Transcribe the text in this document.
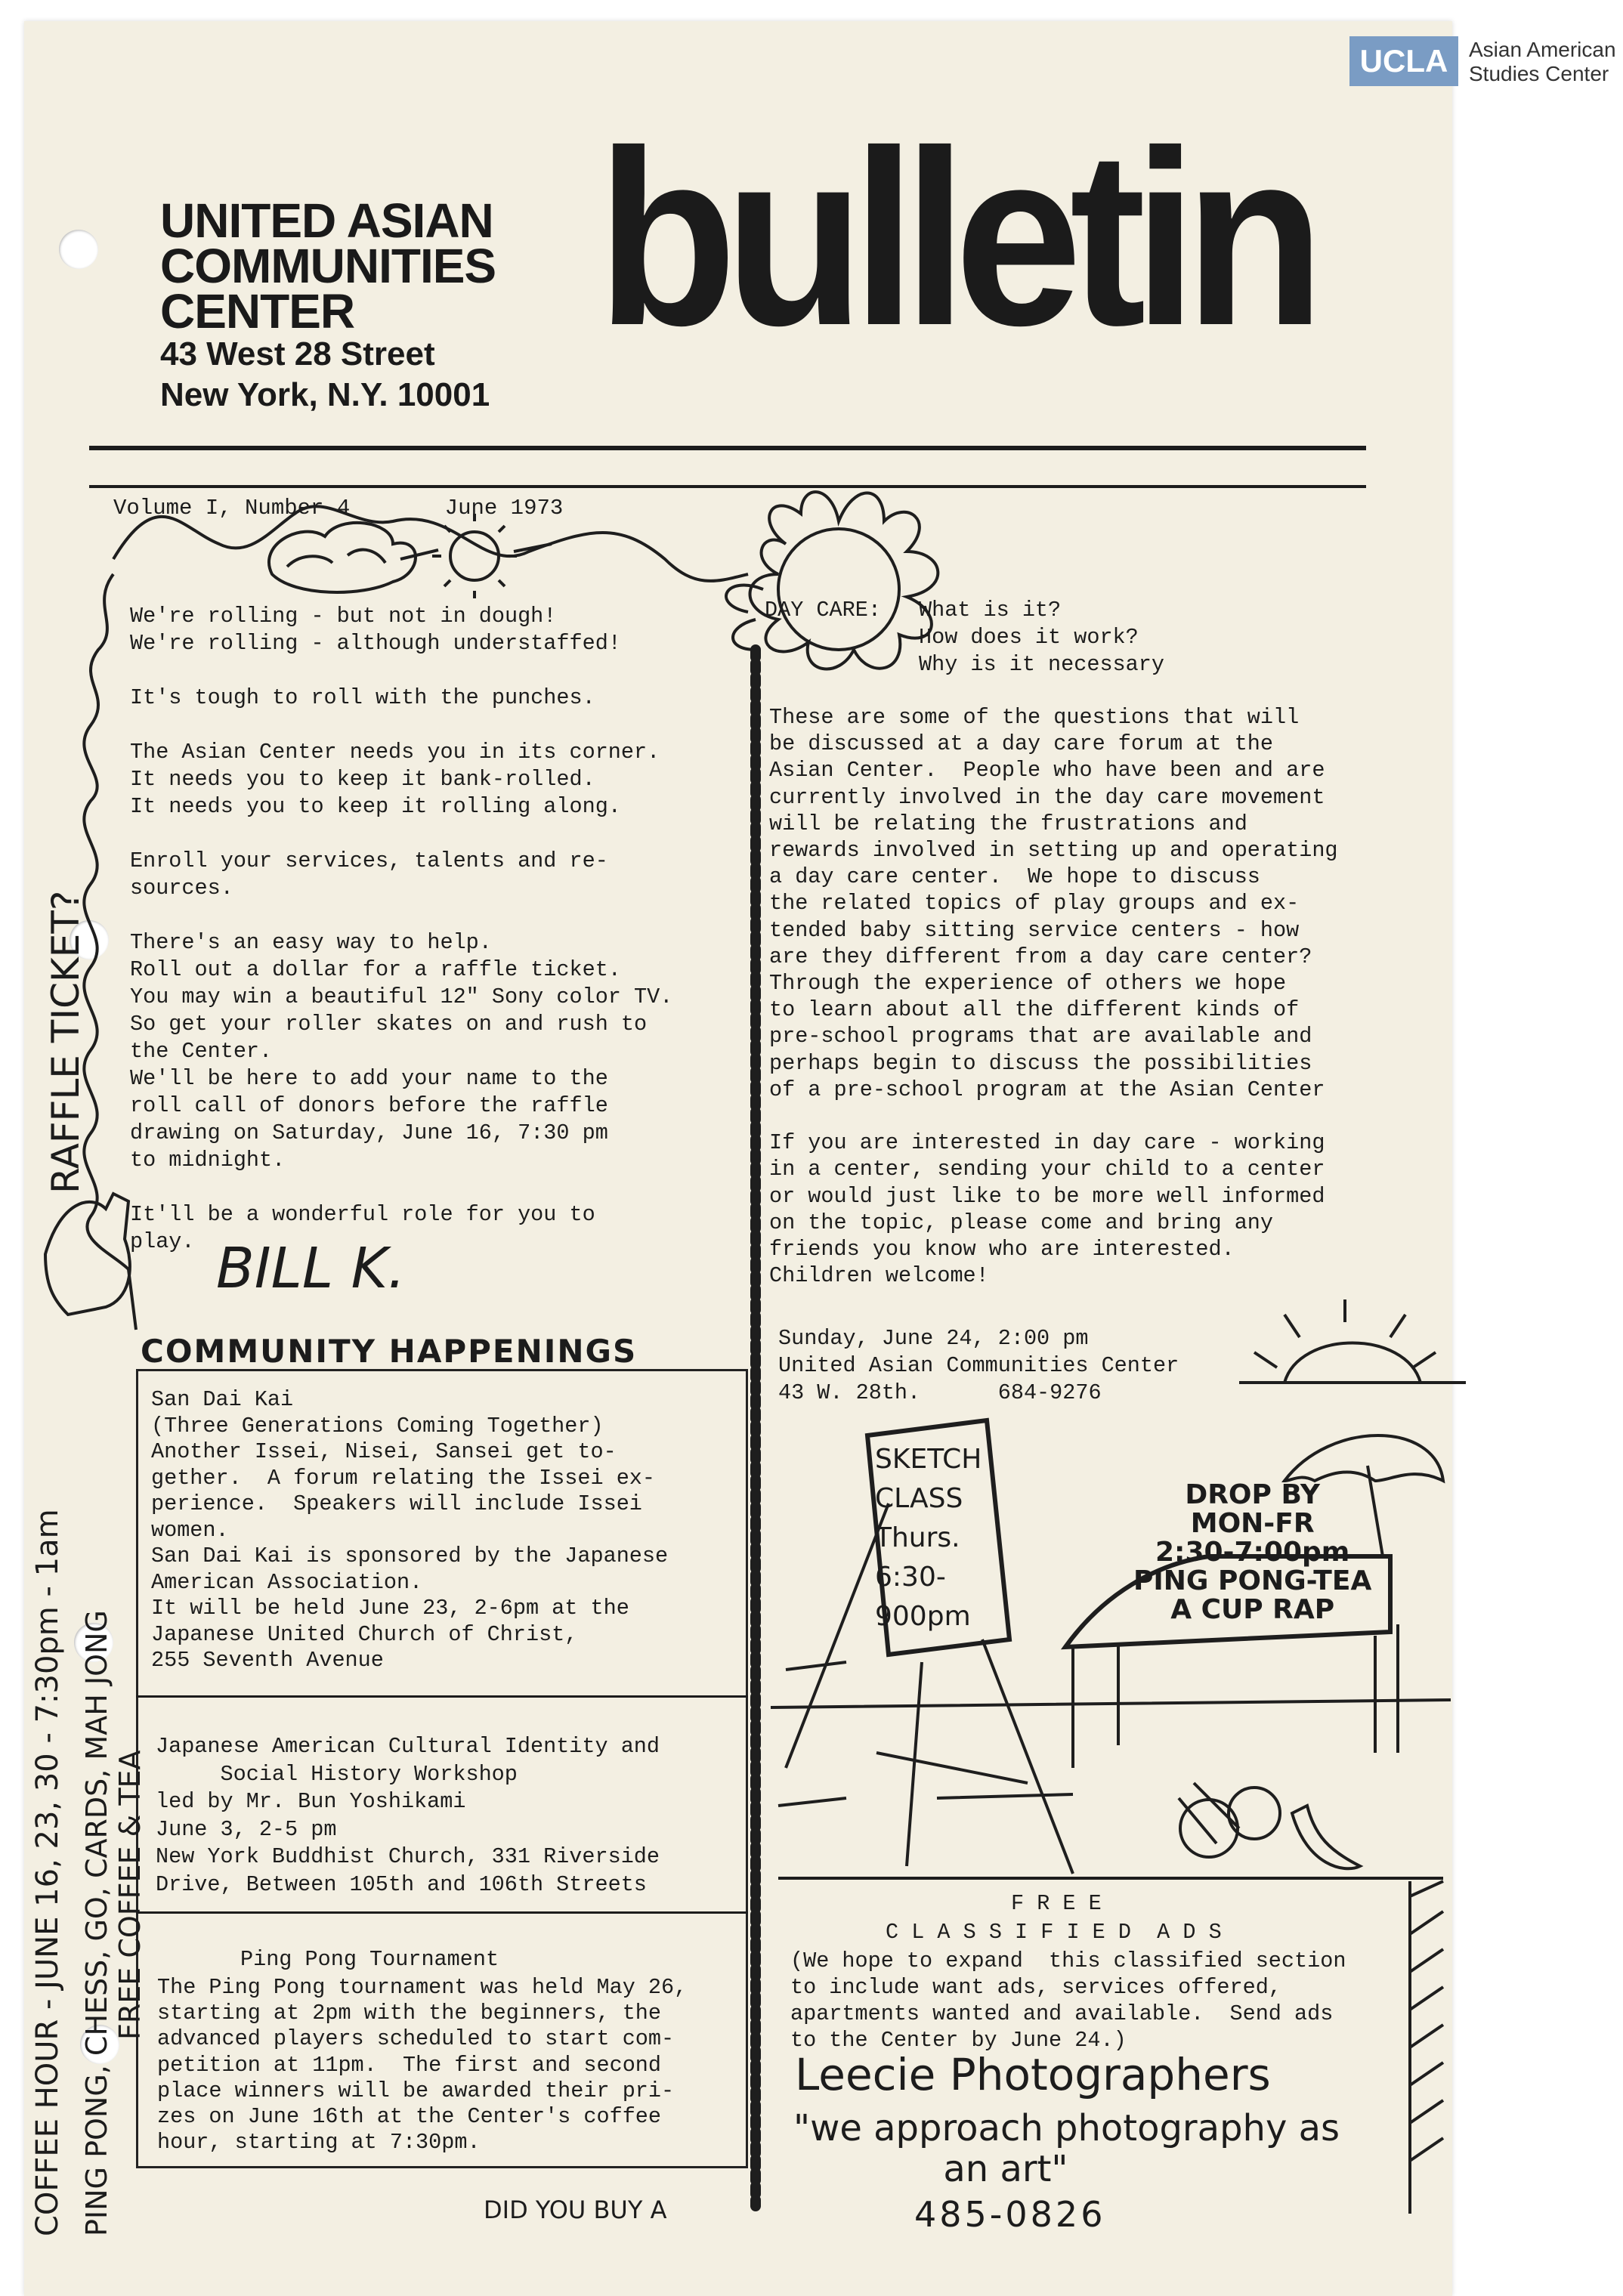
UCLA Asian American
Studies Center
UNITED ASIAN
COMMUNITIES
CENTER
43 West 28 Street
New York, N.Y. 10001
bulletin
Volume I, Number 4	June 1973
We're rolling - but not in dough!
We're rolling - although understaffed!

It's tough to roll with the punches.

The Asian Center needs you in its corner.
It needs you to keep it bank-rolled.
It needs you to keep it rolling along.

Enroll your services, talents and re-
sources.

There's an easy way to help.
Roll out a dollar for a raffle ticket.
You may win a beautiful 12" Sony color TV.
So get your roller skates on and rush to
the Center.
We'll be here to add your name to the
roll call of donors before the raffle
drawing on Saturday, June 16, 7:30 pm
to midnight.

It'll be a wonderful role for you to
play. BILL K.
RAFFLE TICKET?
DAY CARE: What is it?
How does it work?
Why is it necessary
These are some of the questions that will
be discussed at a day care forum at the
Asian Center.  People who have been and are
currently involved in the day care movement
will be relating the frustrations and
rewards involved in setting up and operating
a day care center.  We hope to discuss
the related topics of play groups and ex-
tended baby sitting service centers - how
are they different from a day care center?
Through the experience of others we hope
to learn about all the different kinds of
pre-school programs that are available and
perhaps begin to discuss the possibilities
of a pre-school program at the Asian Center

If you are interested in day care - working
in a center, sending your child to a center
or would just like to be more well informed
on the topic, please come and bring any
friends you know who are interested.
Children welcome!
Sunday, June 24, 2:00 pm
United Asian Communities Center
43 W. 28th.      684-9276
COMMUNITY HAPPENINGS
San Dai Kai
(Three Generations Coming Together)
Another Issei, Nisei, Sansei get to-
gether.  A forum relating the Issei ex-
perience.  Speakers will include Issei
women.
San Dai Kai is sponsored by the Japanese
American Association.
It will be held June 23, 2-6pm at the
Japanese United Church of Christ,
255 Seventh Avenue
Japanese American Cultural Identity and
Social History Workshop
led by Mr. Bun Yoshikami
June 3, 2-5 pm
New York Buddhist Church, 331 Riverside
Drive, Between 105th and 106th Streets
Ping Pong Tournament
The Ping Pong tournament was held May 26,
starting at 2pm with the beginners, the
advanced players scheduled to start com-
petition at 11pm.  The first and second
place winners will be awarded their pri-
zes on June 16th at the Center's coffee
hour, starting at 7:30pm.
DID YOU BUY A
COFFEE HOUR - JUNE 16, 23, 30 - 7:30pm - 1am PING PONG, CHESS, GO, CARDS, MAH JONG FREE COFFEE & TEA
SKETCH
CLASS
Thurs.
6:30-
900pm
DROP BY
MON-FR
2:30-7:00pm
PING PONG-TEA
A CUP RAP
F R E E
C L A S S I F I E D  A D S
(We hope to expand  this classified section
to include want ads, services offered,
apartments wanted and available.  Send ads
to the Center by June 24.)
Leecie Photographers
"we approach photography as
an art"
485-0826
